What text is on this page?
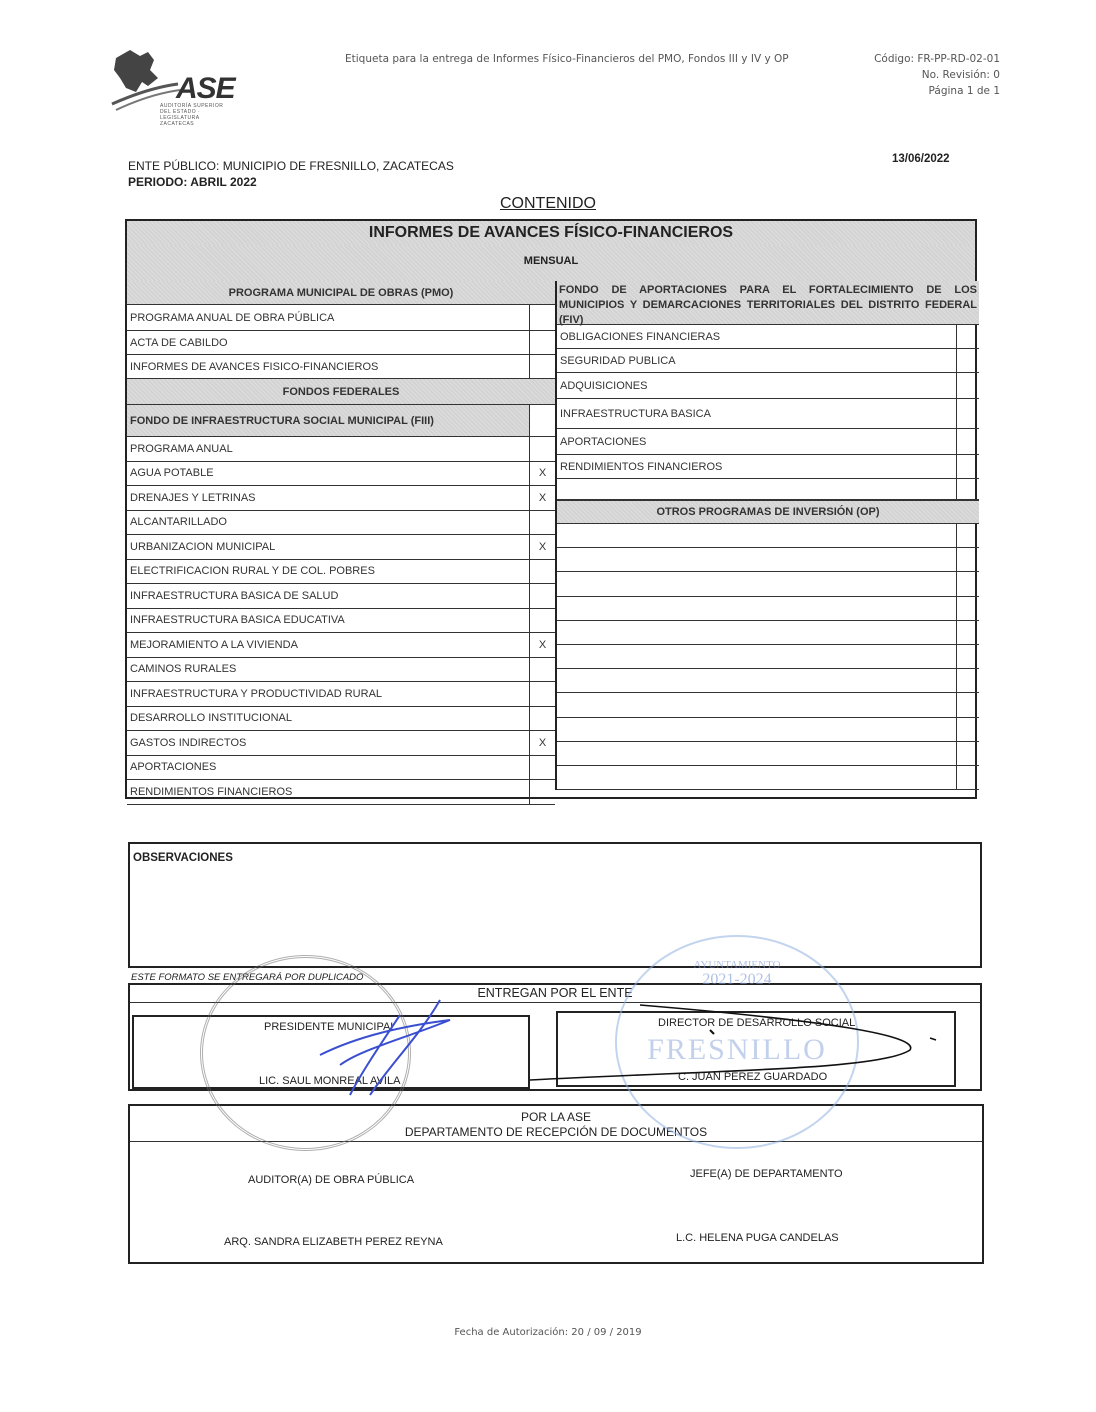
ASE
AUDITORÍA SUPERIOR DEL ESTADO · LEGISLATURA ZACATECAS
Etiqueta para la entrega de Informes Físico-Financieros del PMO, Fondos III y IV y OP	Código: FR-PP-RD-02-01
No. Revisión: 0
Página 1 de 1
ENTE PÚBLICO: MUNICIPIO DE FRESNILLO, ZACATECAS
PERIODO: ABRIL 2022
13/06/2022
CONTENIDO
INFORMES DE AVANCES FÍSICO-FINANCIEROS
MENSUAL
PROGRAMA MUNICIPAL DE OBRAS (PMO)
PROGRAMA ANUAL DE OBRA PÚBLICA
ACTA DE CABILDO
INFORMES DE AVANCES FISICO-FINANCIEROS
FONDOS FEDERALES
FONDO DE INFRAESTRUCTURA SOCIAL MUNICIPAL (FIII)
PROGRAMA ANUAL
AGUA POTABLE	X
DRENAJES Y LETRINAS	X
ALCANTARILLADO
URBANIZACION MUNICIPAL	X
ELECTRIFICACION RURAL Y DE COL. POBRES
INFRAESTRUCTURA BASICA DE SALUD
INFRAESTRUCTURA BASICA EDUCATIVA
MEJORAMIENTO A LA VIVIENDA	X
CAMINOS RURALES
INFRAESTRUCTURA Y PRODUCTIVIDAD RURAL
DESARROLLO INSTITUCIONAL
GASTOS INDIRECTOS	X
APORTACIONES
RENDIMIENTOS FINANCIEROS
FONDO DE APORTACIONES PARA EL FORTALECIMIENTO DE LOS MUNICIPIOS Y DEMARCACIONES TERRITORIALES DEL DISTRITO FEDERAL (FIV)
OBLIGACIONES FINANCIERAS
SEGURIDAD PUBLICA
ADQUISICIONES
INFRAESTRUCTURA BASICA
APORTACIONES
RENDIMIENTOS FINANCIEROS
OTROS PROGRAMAS DE INVERSIÓN (OP)
OBSERVACIONES
ESTE FORMATO SE ENTREGARÁ POR DUPLICADO
ENTREGAN POR EL ENTE
PRESIDENTE MUNICIPAL
LIC. SAUL MONREAL AVILA
DIRECTOR DE DESARROLLO SOCIAL
C. JUAN PÉREZ GUARDADO
POR LA ASE
DEPARTAMENTO DE RECEPCIÓN DE DOCUMENTOS
AUDITOR(A) DE OBRA PÚBLICA
ARQ. SANDRA ELIZABETH PEREZ REYNA
JEFE(A) DE DEPARTAMENTO
L.C. HELENA PUGA CANDELAS
AYUNTAMIENTO
2021-2024
FRESNILLO
Fecha de Autorización: 20 / 09 / 2019
